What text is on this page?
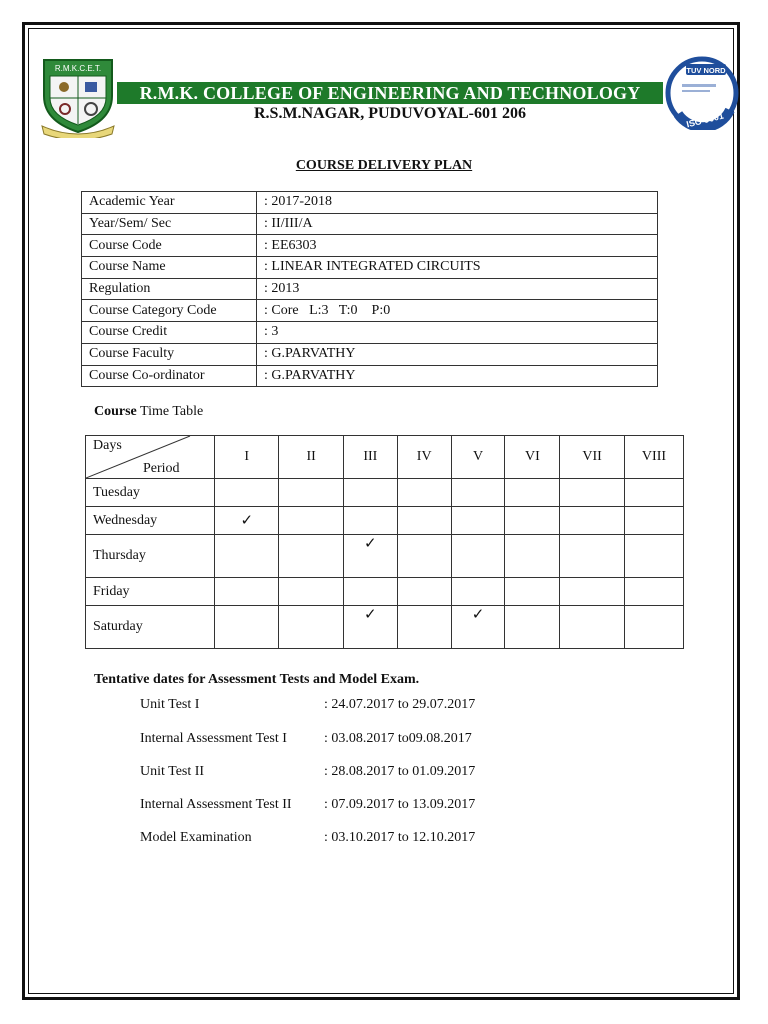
R.M.K.C.E.T.
R.M.K. COLLEGE OF ENGINEERING AND TECHNOLOGY
R.S.M.NAGAR, PUDUVOYAL-601 206
TUV NORD
ISO 9001
COURSE DELIVERY PLAN
Academic Year	: 2017-2018
Year/Sem/ Sec	: II/III/A
Course Code	: EE6303
Course Name	: LINEAR INTEGRATED CIRCUITS
Regulation	: 2013
Course Category Code	: Core   L:3   T:0    P:0
Course Credit	: 3
Course Faculty	: G.PARVATHY
Course Co-ordinator	: G.PARVATHY
Course Time Table
Days
Period	I	II	III	IV	V	VI	VII	VIII
Tuesday								
Wednesday	✓							

Thursday			✓					

Friday								
Saturday			✓		✓			

Tentative dates for Assessment Tests and Model Exam.
Unit Test I	: 24.07.2017 to 29.07.2017
Internal Assessment Test I	: 03.08.2017 to09.08.2017
Unit Test II	: 28.08.2017 to 01.09.2017
Internal Assessment Test II : 07.09.2017 to 13.09.2017
Model Examination	: 03.10.2017 to 12.10.2017
